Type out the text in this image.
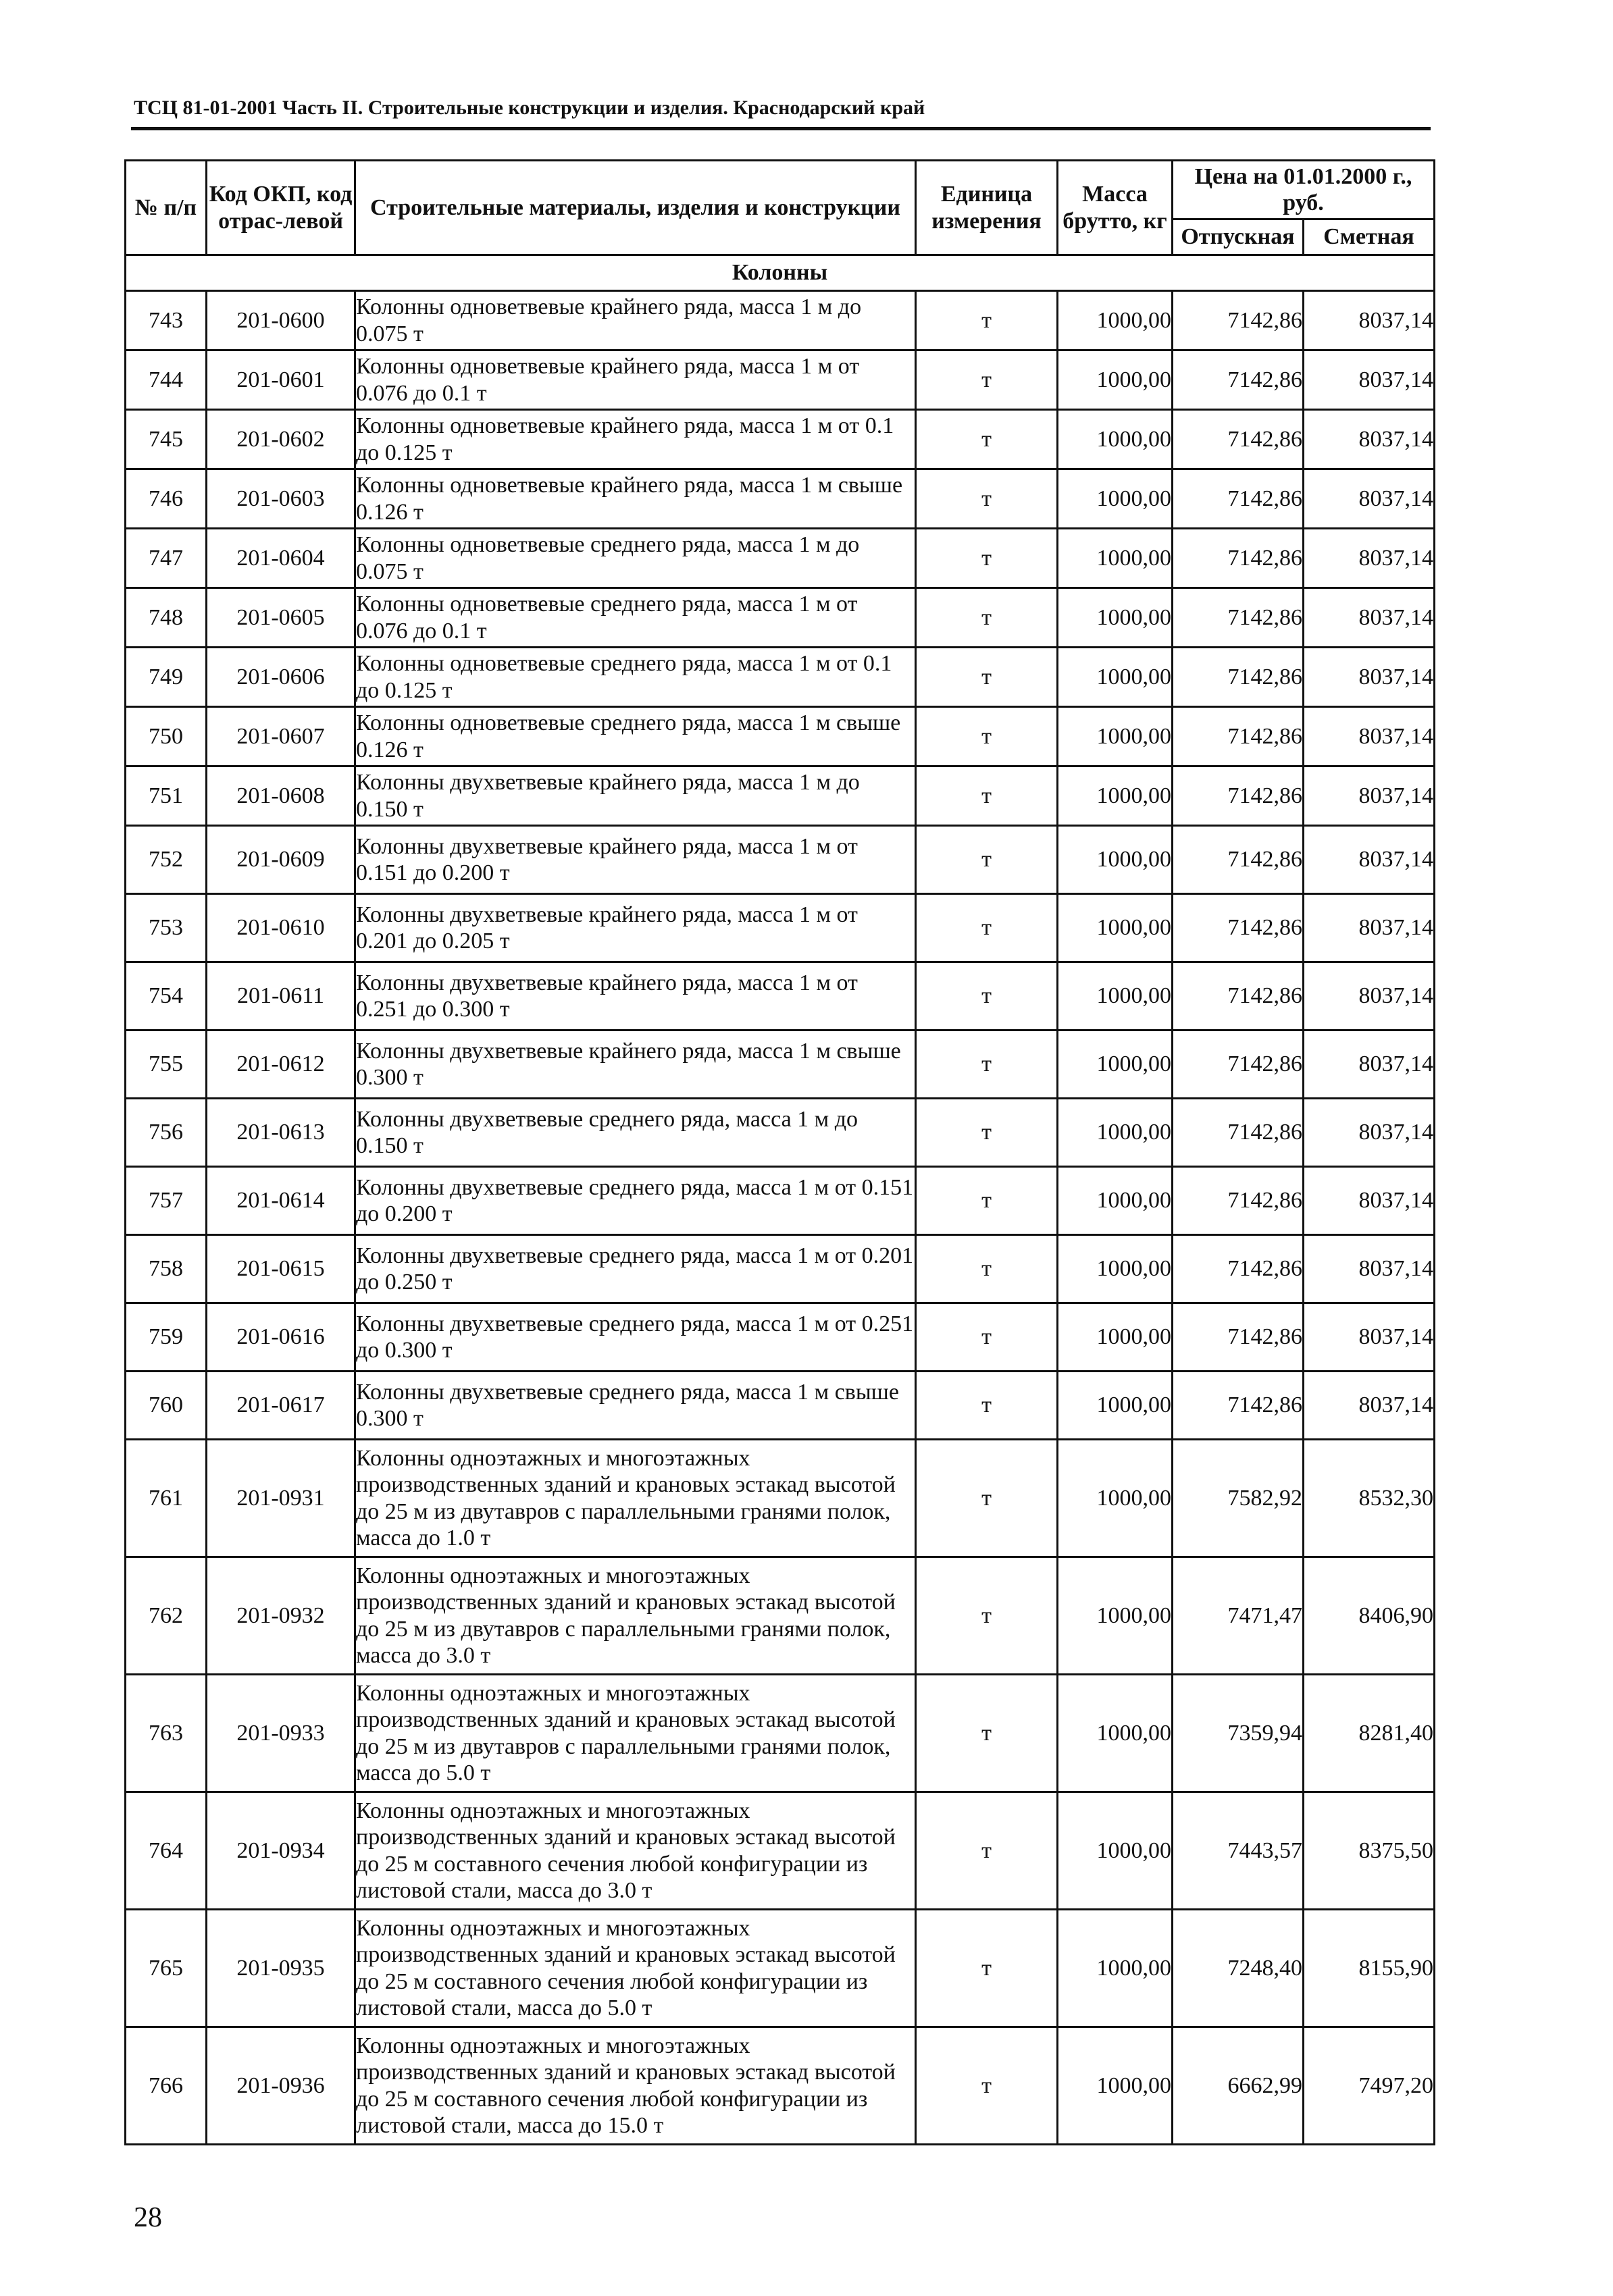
ТСЦ 81-01-2001 Часть II. Строительные конструкции и изделия. Краснодарский край
№ п/п	Код ОКП, код отрас-левой	Строительные материалы, изделия и конструкции	Единица измерения	Масса брутто, кг	Цена на 01.01.2000 г., руб.	
					Отпускная	Сметная
Колонны						
743	201-0600	Колонны одноветвевые крайнего ряда, масса 1 м до 0.075 т	т	1000,00	7142,86	8037,14
744	201-0601	Колонны одноветвевые крайнего ряда, масса 1 м от 0.076 до 0.1 т	т	1000,00	7142,86	8037,14
745	201-0602	Колонны одноветвевые крайнего ряда, масса 1 м от 0.1 до 0.125 т	т	1000,00	7142,86	8037,14
746	201-0603	Колонны одноветвевые крайнего ряда, масса 1 м свыше 0.126 т	т	1000,00	7142,86	8037,14
747	201-0604	Колонны одноветвевые среднего ряда, масса 1 м до 0.075 т	т	1000,00	7142,86	8037,14
748	201-0605	Колонны одноветвевые среднего ряда, масса 1 м от 0.076 до 0.1 т	т	1000,00	7142,86	8037,14
749	201-0606	Колонны одноветвевые среднего ряда, масса 1 м от 0.1 до 0.125 т	т	1000,00	7142,86	8037,14
750	201-0607	Колонны одноветвевые среднего ряда, масса 1 м свыше 0.126 т	т	1000,00	7142,86	8037,14
751	201-0608	Колонны двухветвевые крайнего ряда, масса 1 м до 0.150 т	т	1000,00	7142,86	8037,14
752	201-0609	Колонны двухветвевые крайнего ряда, масса 1 м от 0.151 до 0.200 т	т	1000,00	7142,86	8037,14
753	201-0610	Колонны двухветвевые крайнего ряда, масса 1 м от 0.201 до 0.205 т	т	1000,00	7142,86	8037,14
754	201-0611	Колонны двухветвевые крайнего ряда, масса 1 м от 0.251 до 0.300 т	т	1000,00	7142,86	8037,14
755	201-0612	Колонны двухветвевые крайнего ряда, масса 1 м свыше 0.300 т	т	1000,00	7142,86	8037,14
756	201-0613	Колонны двухветвевые среднего ряда, масса 1 м до 0.150 т	т	1000,00	7142,86	8037,14
757	201-0614	Колонны двухветвевые среднего ряда, масса 1 м от 0.151 до 0.200 т	т	1000,00	7142,86	8037,14
758	201-0615	Колонны двухветвевые среднего ряда, масса 1 м от 0.201 до 0.250 т	т	1000,00	7142,86	8037,14
759	201-0616	Колонны двухветвевые среднего ряда, масса 1 м от 0.251 до 0.300 т	т	1000,00	7142,86	8037,14
760	201-0617	Колонны двухветвевые среднего ряда, масса 1 м свыше 0.300 т	т	1000,00	7142,86	8037,14
761	201-0931	Колонны одноэтажных и многоэтажных производственных зданий и крановых эстакад высотой до 25 м из двутавров с параллельными гранями полок, масса до 1.0 т	т	1000,00	7582,92	8532,30
762	201-0932	Колонны одноэтажных и многоэтажных производственных зданий и крановых эстакад высотой до 25 м из двутавров с параллельными гранями полок, масса до 3.0 т	т	1000,00	7471,47	8406,90
763	201-0933	Колонны одноэтажных и многоэтажных производственных зданий и крановых эстакад высотой до 25 м из двутавров с параллельными гранями полок, масса до 5.0 т	т	1000,00	7359,94	8281,40
764	201-0934	Колонны одноэтажных и многоэтажных производственных зданий и крановых эстакад высотой до 25 м составного сечения любой конфигурации из листовой стали, масса до 3.0 т	т	1000,00	7443,57	8375,50
765	201-0935	Колонны одноэтажных и многоэтажных производственных зданий и крановых эстакад высотой до 25 м составного сечения любой конфигурации из листовой стали, масса до 5.0 т	т	1000,00	7248,40	8155,90
766	201-0936	Колонны одноэтажных и многоэтажных производственных зданий и крановых эстакад высотой до 25 м составного сечения любой конфигурации из листовой стали, масса до 15.0 т	т	1000,00	6662,99	7497,20
28
